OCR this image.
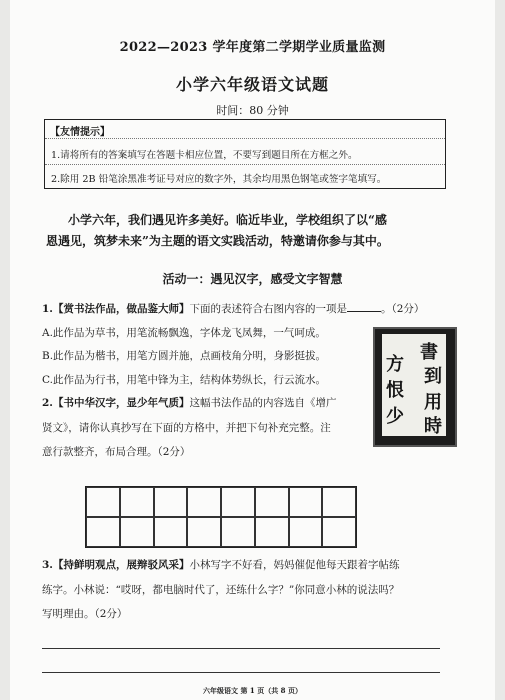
2022—2023 学年度第二学期学业质量监测
小学六年级语文试题
时间：80 分钟
【友情提示】
1.请将所有的答案填写在答题卡相应位置，不要写到题目所在方框之外。
2.除用 2B 铅笔涂黑准考证号对应的数字外，其余均用黑色钢笔或签字笔填写。
小学六年，我们遇见许多美好。临近毕业，学校组织了以“感
恩遇见，筑梦未来”为主题的语文实践活动，特邀请你参与其中。
活动一：遇见汉字，感受文字智慧
1.【赏书法作品，做品鉴大师】下面的表述符合右图内容的一项是	。（2分）
A.此作品为草书，用笔流畅飘逸，字体龙飞凤舞，一气呵成。
B.此作品为楷书，用笔方圆并施，点画枝角分明，身影挺拔。
C.此作品为行书，用笔中锋为主，结构体势纵长，行云流水。
書
到
用
時
方
恨
少
2.【书中华汉字，显少年气质】这幅书法作品的内容选自《增广
贤文》，请你认真抄写在下面的方格中，并把下句补充完整。注
意行款整齐，布局合理。（2分）
3.【持鲜明观点，展辩驳风采】小林写字不好看，妈妈催促他每天跟着字帖练
练字。小林说：“哎呀，都电脑时代了，还练什么字？”你同意小林的说法吗？
写明理由。（2分）
六年级语文 第 1 页（共 8 页）
